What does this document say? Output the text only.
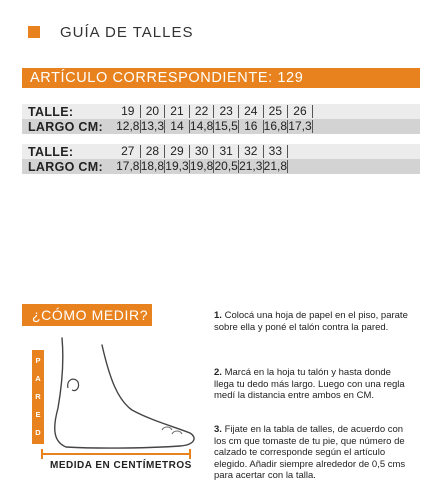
GUÍA DE TALLES
ARTÍCULO CORRESPONDIENTE: 129
TALLE:	19 20 21 22 23 24 25 26
LARGO CM:	12,8 13,3 14 14,8 15,5 16 16,8 17,3
TALLE:	27 28 29 30 31 32 33
LARGO CM:	17,8 18,8 19,3 19,8 20,5 21,3 21,8
¿CÓMO MEDIR?
P
A
R
E
D
MEDIDA EN CENTÍMETROS
1. Colocá una hoja de papel en el piso, parate sobre ella y poné el talón contra la pared.
2. Marcá en la hoja tu talón y hasta donde llega tu dedo más largo. Luego con una regla medí la distancia entre ambos en CM.
3. Fijate en la tabla de talles, de acuerdo con los cm que tomaste de tu pie, que número de calzado te corresponde según el artículo elegido. Añadir siempre alrededor de 0,5 cms para acertar con la talla.
